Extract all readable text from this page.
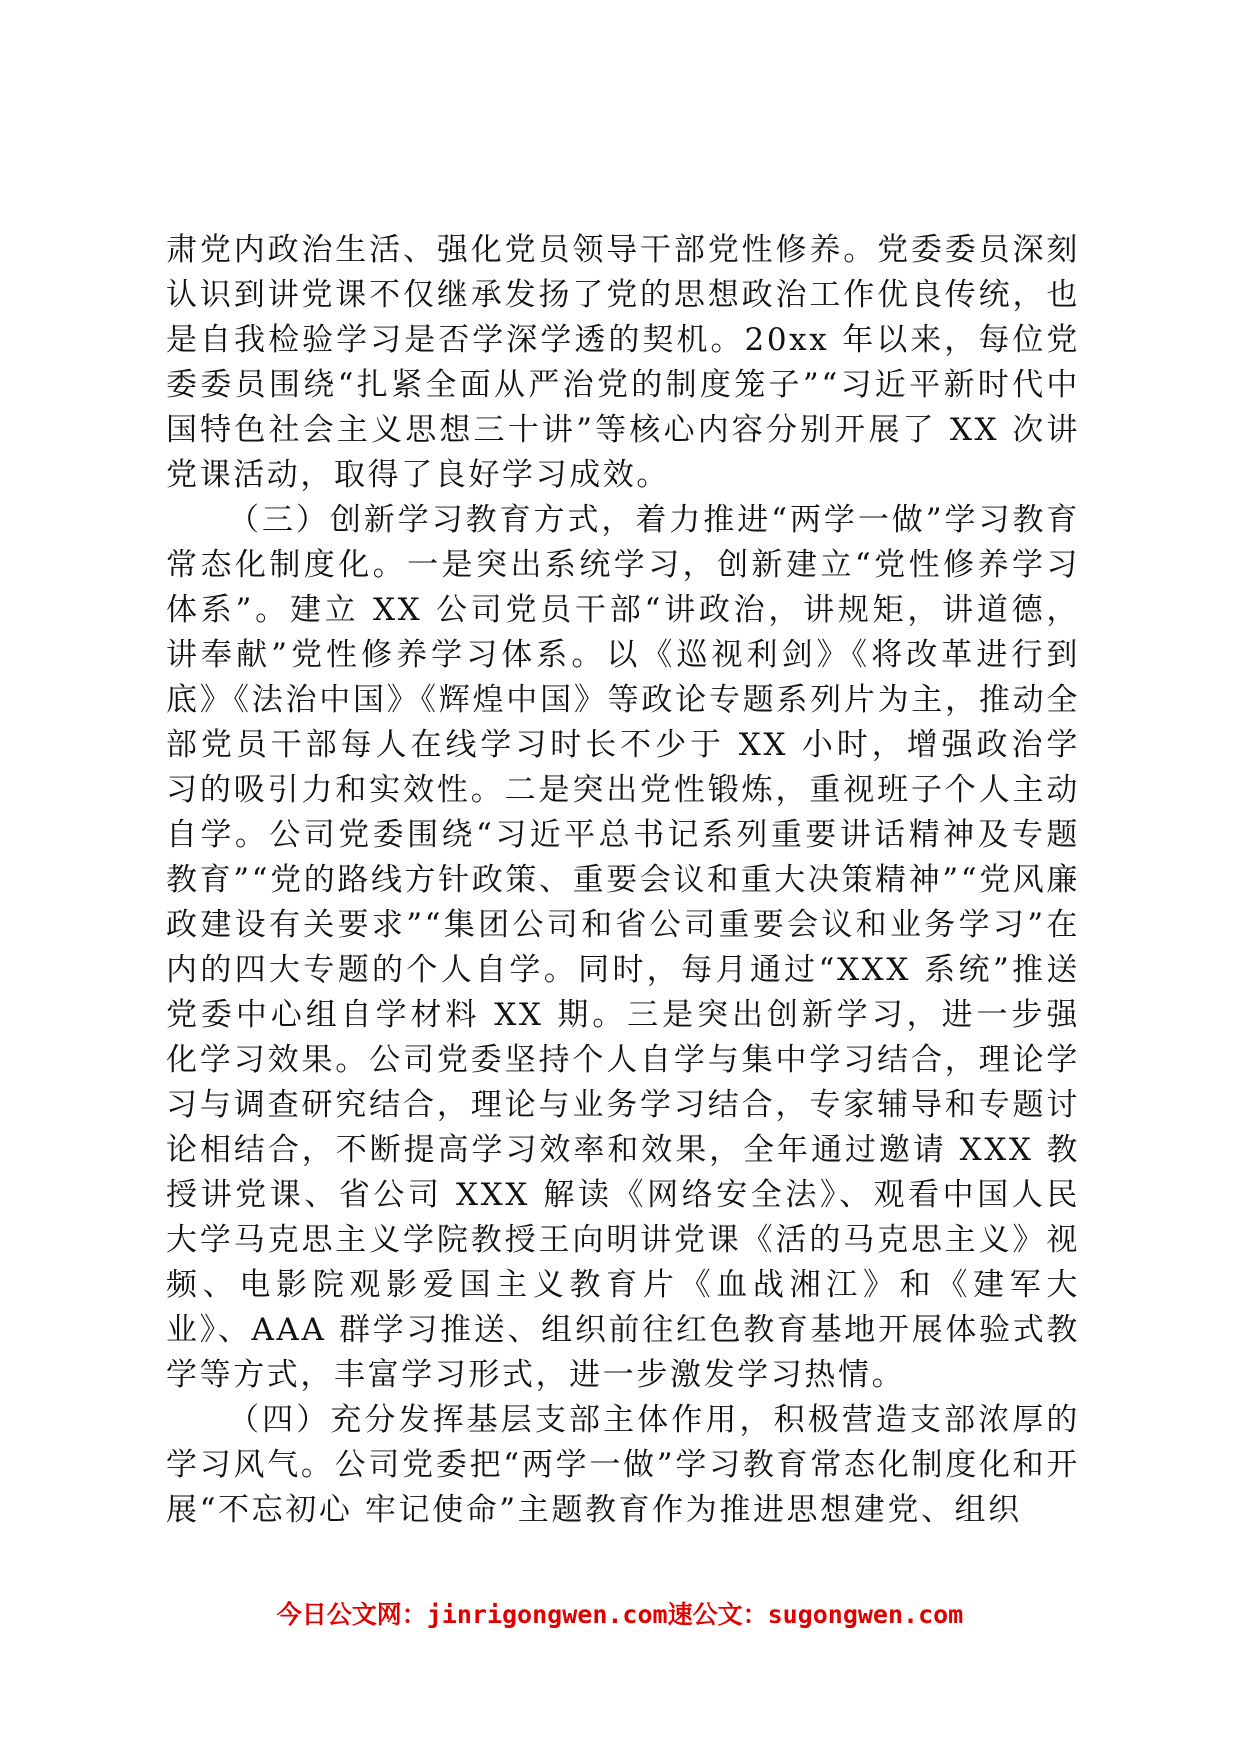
肃党内政治生活、强化党员领导干部党性修养。党委委员深刻认识到讲党课不仅继承发扬了党的思想政治工作优良传统，也是自我检验学习是否学深学透的契机。20xx 年以来，每位党委委员围绕“扎紧全面从严治党的制度笼子”“习近平新时代中国特色社会主义思想三十讲”等核心内容分别开展了 XX 次讲党课活动，取得了良好学习成效。

（三）创新学习教育方式，着力推进“两学一做”学习教育常态化制度化。一是突出系统学习，创新建立“党性修养学习体系”。建立 XX 公司党员干部“讲政治，讲规矩，讲道德，讲奉献”党性修养学习体系。以《巡视利剑》《将改革进行到底》《法治中国》《辉煌中国》等政论专题系列片为主，推动全部党员干部每人在线学习时长不少于 XX 小时，增强政治学习的吸引力和实效性。二是突出党性锻炼，重视班子个人主动自学。公司党委围绕“习近平总书记系列重要讲话精神及专题教育”“党的路线方针政策、重要会议和重大决策精神”“党风廉政建设有关要求”“集团公司和省公司重要会议和业务学习”在内的四大专题的个人自学。同时，每月通过“XXX 系统”推送党委中心组自学材料 XX 期。三是突出创新学习，进一步强化学习效果。公司党委坚持个人自学与集中学习结合，理论学习与调查研究结合，理论与业务学习结合，专家辅导和专题讨论相结合，不断提高学习效率和效果，全年通过邀请 XXX 教授讲党课、省公司 XXX 解读《网络安全法》、观看中国人民大学马克思主义学院教授王向明讲党课《活的马克思主义》视频、电影院观影爱国主义教育片《血战湘江》和《建军大业》、AAA 群学习推送、组织前往红色教育基地开展体验式教学等方式，丰富学习形式，进一步激发学习热情。

（四）充分发挥基层支部主体作用，积极营造支部浓厚的学习风气。公司党委把“两学一做”学习教育常态化制度化和开展“不忘初心 牢记使命”主题教育作为推进思想建党、组织

今日公文网：jinrigongwen.com速公文：sugongwen.com
